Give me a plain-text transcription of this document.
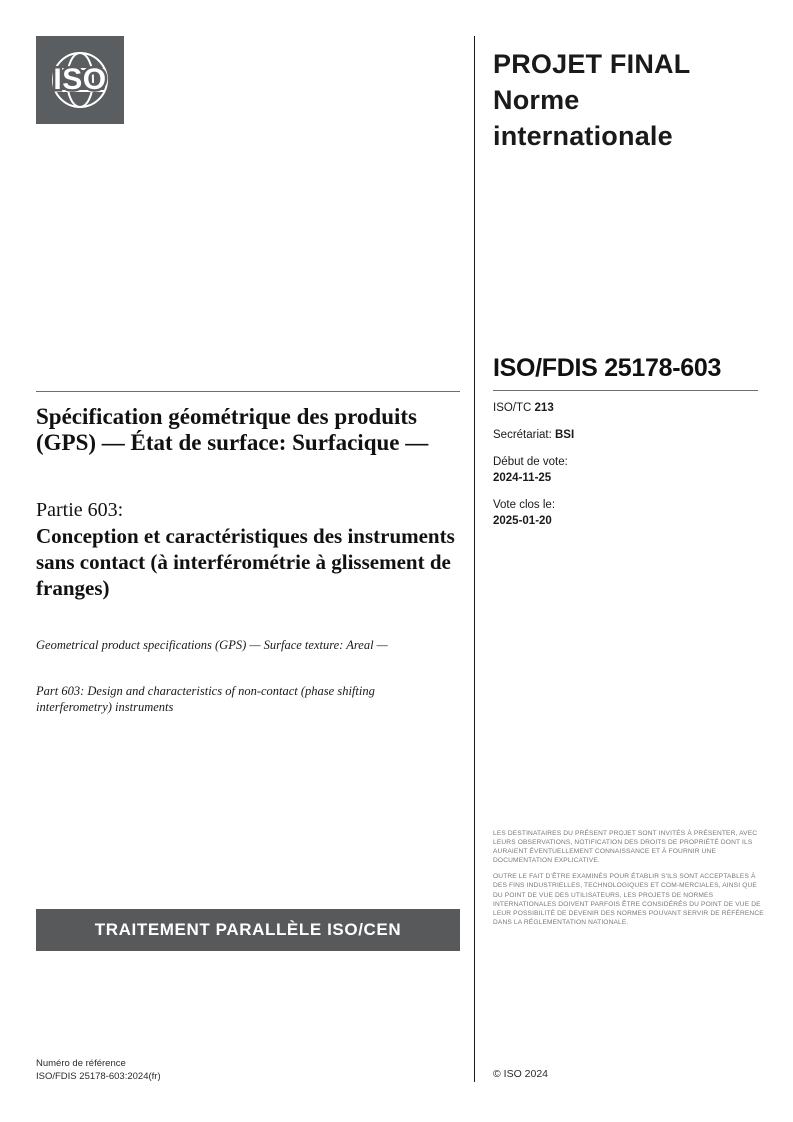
ISO	PROJET FINAL
Norme
internationale
ISO/FDIS 25178-603
ISO/TC 213
Secrétariat: BSI
Début de vote:
2024-11-25
Vote clos le:
2025-01-20
Spécification géométrique des produits (GPS) — État de surface: Surfacique —
Partie 603:
Conception et caractéristiques des instruments sans contact (à interférométrie à glissement de franges)
Geometrical product specifications (GPS) — Surface texture: Areal —
Part 603: Design and characteristics of non-contact (phase shifting interferometry) instruments

LES DESTINATAIRES DU PRÉSENT PROJET SONT INVITÉS À PRÉSENTER, AVEC LEURS OBSERVATIONS, NOTIFICATION DES DROITS DE PROPRIÉTÉ DONT ILS AURAIENT ÉVENTUELLEMENT CONNAISSANCE ET À FOURNIR UNE DOCUMENTATION EXPLICATIVE.

OUTRE LE FAIT D’ÊTRE EXAMINÉS POUR ÉTABLIR S'ILS SONT ACCEPTABLES À DES FINS INDUSTRIELLES, TECHNOLOGIQUES ET COM-MERCIALES, AINSI QUE DU POINT DE VUE DES UTILISATEURS, LES PROJETS DE NORMES INTERNATIONALES DOIVENT PARFOIS ÊTRE CONSIDÉRÉS DU POINT DE VUE DE LEUR POSSIBILITÉ DE DEVENIR DES NORMES POUVANT SERVIR DE RÉFÉRENCE DANS LA RÉGLEMENTATION NATIONALE.

TRAITEMENT PARALLÈLE ISO/CEN
Numéro de référence
ISO/FDIS 25178-603:2024(fr)	© ISO 2024
